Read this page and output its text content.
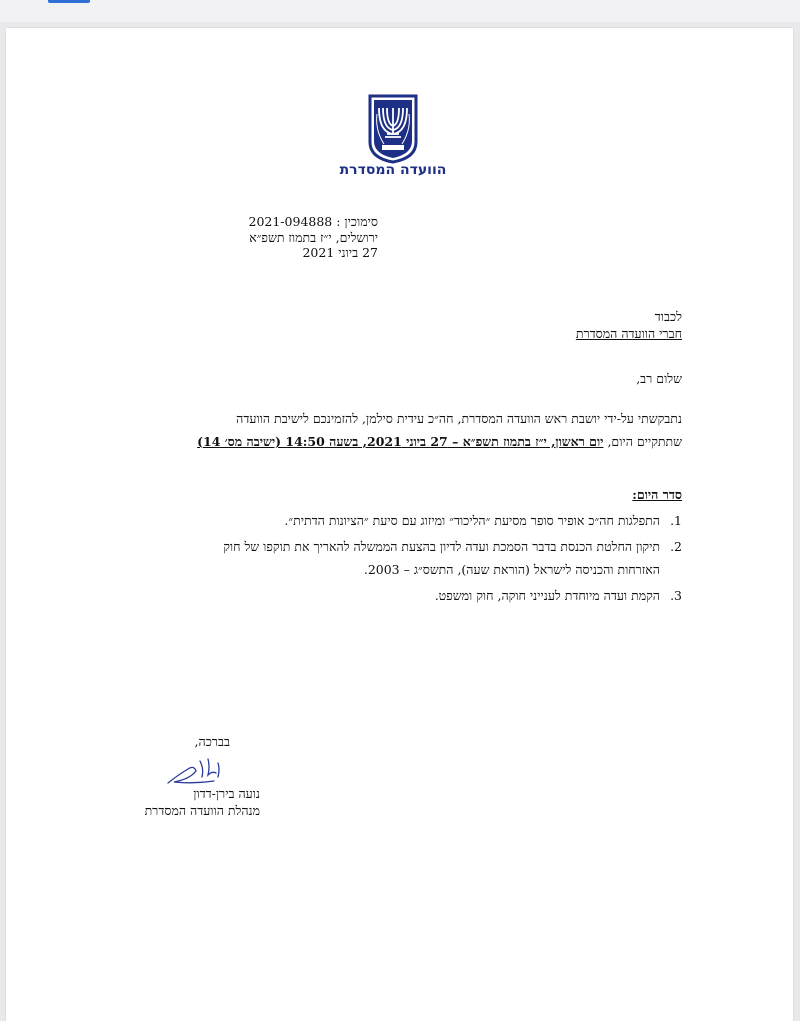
הוועדה המסדרת
סימוכין : 2021-094888
ירושלים, י״ז בתמוז תשפ״א
27 ביוני 2021
לכבוד
חברי הוועדה המסדרת
שלום רב,
נתבקשתי על-ידי יושבת ראש הוועדה המסדרת, חה״כ עידית סילמן, להזמינכם לישיבת הוועדה
שתתקיים היום, יום ראשון, י״ז בתמוז תשפ״א – 27 ביוני 2021, בשעה 14:50 (ישיבה מס׳ 14)
סדר היום:
1.
התפלגות חה״כ אופיר סופר מסיעת ״הליכוד״ ומיזוג עם סיעת ״הציונות הדתית״.
2.
תיקון החלטת הכנסת בדבר הסמכת ועדה לדיון בהצעת הממשלה להאריך את תוקפו של חוק
האזרחות והכניסה לישראל (הוראת שעה), התשס״ג – 2003.
3.
הקמת ועדה מיוחדת לענייני חוקה, חוק ומשפט.
בברכה,
נועה בירן-דדון
מנהלת הוועדה המסדרת
